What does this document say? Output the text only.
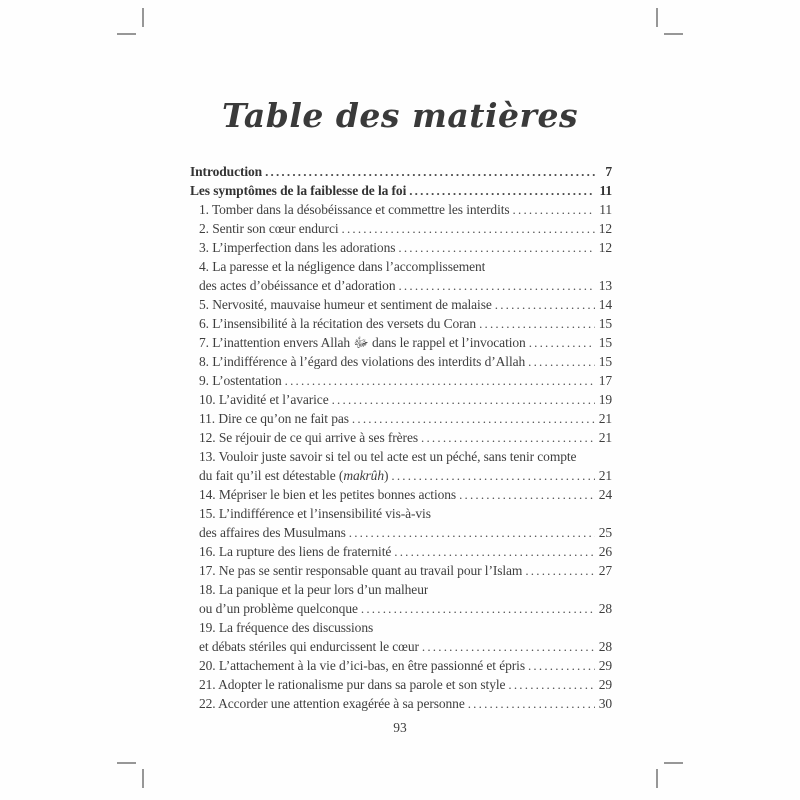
Table des matières
Introduction .....	7
Les symptômes de la faiblesse de la foi .....	11
1. Tomber dans la désobéissance et commettre les interdits .....	11
2. Sentir son cœur endurci .....	12
3. L’imperfection dans les adorations .....	12
4. La paresse et la négligence dans l’accomplissement
des actes d’obéissance et d’adoration .....	13
5. Nervosité, mauvaise humeur et sentiment de malaise .....	14
6. L’insensibilité à la récitation des versets du Coran .....	15
7. L’inattention envers Allah ﷻ dans le rappel et l’invocation .....	15
8. L’indifférence à l’égard des violations des interdits d’Allah .....	15
9. L’ostentation .....	17
10. L’avidité et l’avarice .....	19
11. Dire ce qu’on ne fait pas .....	21
12. Se réjouir de ce qui arrive à ses frères .....	21
13. Vouloir juste savoir si tel ou tel acte est un péché, sans tenir compte
du fait qu’il est détestable (makrûh) .....	21
14. Mépriser le bien et les petites bonnes actions .....	24
15. L’indifférence et l’insensibilité vis-à-vis
des affaires des Musulmans .....	25
16. La rupture des liens de fraternité .....	26
17. Ne pas se sentir responsable quant au travail pour l’Islam .....	27
18. La panique et la peur lors d’un malheur
ou d’un problème quelconque .....	28
19. La fréquence des discussions
et débats stériles qui endurcissent le cœur .....	28
20. L’attachement à la vie d’ici-bas, en être passionné et épris .....	29
21. Adopter le rationalisme pur dans sa parole et son style .....	29
22. Accorder une attention exagérée à sa personne .....	30
93
